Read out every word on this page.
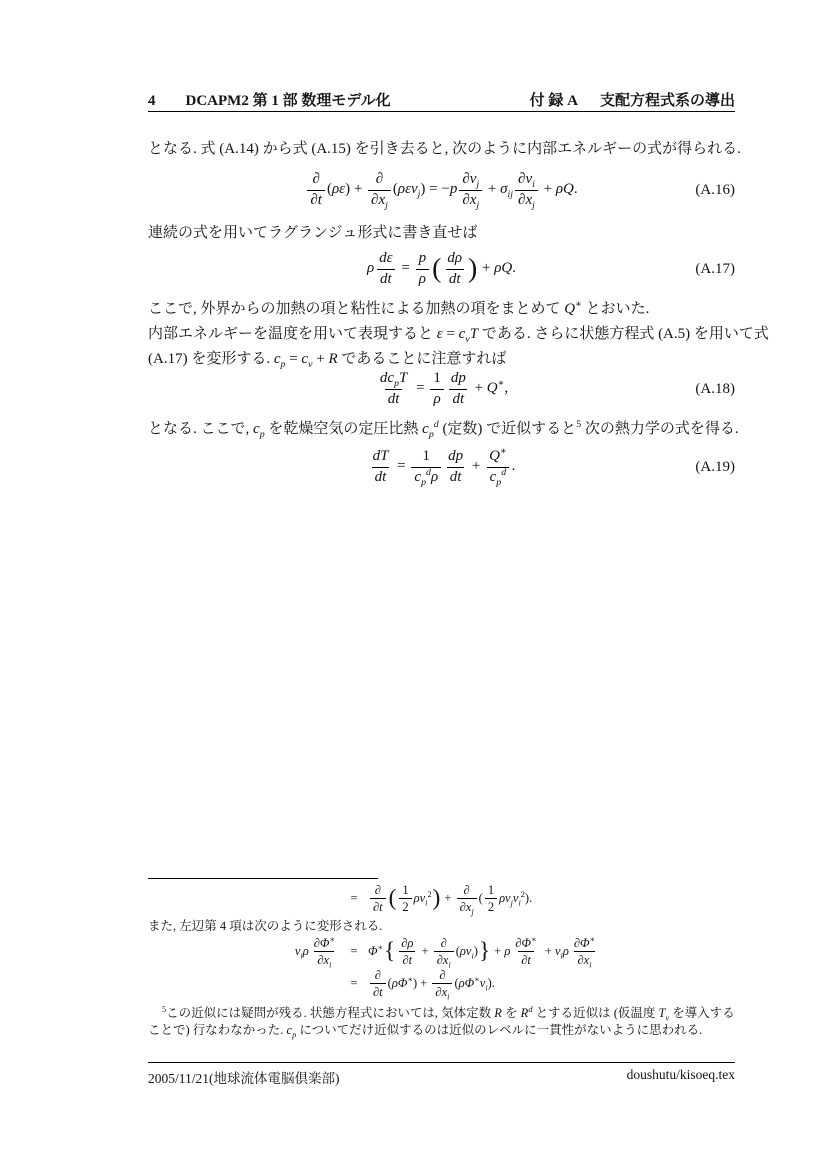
4 DCAPM2 第 1 部 数理モデル化	付 録 A 支配方程式系の導出
となる. 式 (A.14) から式 (A.15) を引き去ると, 次のように内部エネルギーの式が得られる.
$\frac{\partial}{\partial t} (\rho\varepsilon) + \frac{\partial}{\partial x_j} (\rho\varepsilon v_j) = -p \frac{\partial v_j}{\partial x_j} + \sigma_{ij} \frac{\partial v_i}{\partial x_j} + \rho Q$.	(A.16)
連続の式を用いてラグランジュ形式に書き直せば
ρ $\frac{d\varepsilon}{dt} = \frac{p}{\rho}$ ( $\frac{d\rho}{dt}$ ) + ρQ.	(A.17)
ここで, 外界からの加熱の項と粘性による加熱の項をまとめて Q∗ とおいた.
内部エネルギーを温度を用いて表現すると $\varepsilon = c_vT$ である. さらに状態方程式 (A.5) を用いて式
(A.17) を変形する. $c_p = c_v + R$ であることに注意すれば
$\frac{dc_pT}{dt} = \frac{1}{\rho} \frac{dp}{dt} + Q^∗$,	(A.18)
となる. ここで, $c_p$ を乾燥空気の定圧比熱 $c_p^d$ (定数) で近似すると$^5$ 次の熱力学の式を得る.
$\frac{dT}{dt} = \frac{1}{c_p^d\rho} \frac{dp}{dt} + \frac{Q^∗}{c_p^d}$ .	(A.19)
= $\frac{\partial}{\partial t}$ ( $\frac{1}{2} \rho v_i^2) + \frac{\partial}{\partial x_j}$ ( $\frac{1}{2} \rho v_jv_i^2$).
また, 左辺第 4 項は次のように変形される.
$v_i\rho \frac{\partial\Phi^∗}{\partial x_i} = \Phi^∗\{ \frac{\partial\rho}{\partial t} + \frac{\partial}{\partial x_i} (\rho v_i)\} + \rho \frac{\partial\Phi^∗}{\partial t} + v_i\rho \frac{\partial\Phi^∗}{\partial x_i}$
= $\frac{\partial}{\partial t} (\rho\Phi^∗) + \frac{\partial}{\partial x_i} (\rho\Phi^∗v_i)$.
$^5$この近似には疑問が残る. 状態方程式においては, 気体定数 R を $R^d$ とする近似は (仮温度 $T_v$ を導入することで) 行なわなかった. $c_p$ についてだけ近似するのは近似のレベルに一貫性がないように思われる.
2005/11/21(地球流体電脳倶楽部)	doushutu/kisoeq.tex
